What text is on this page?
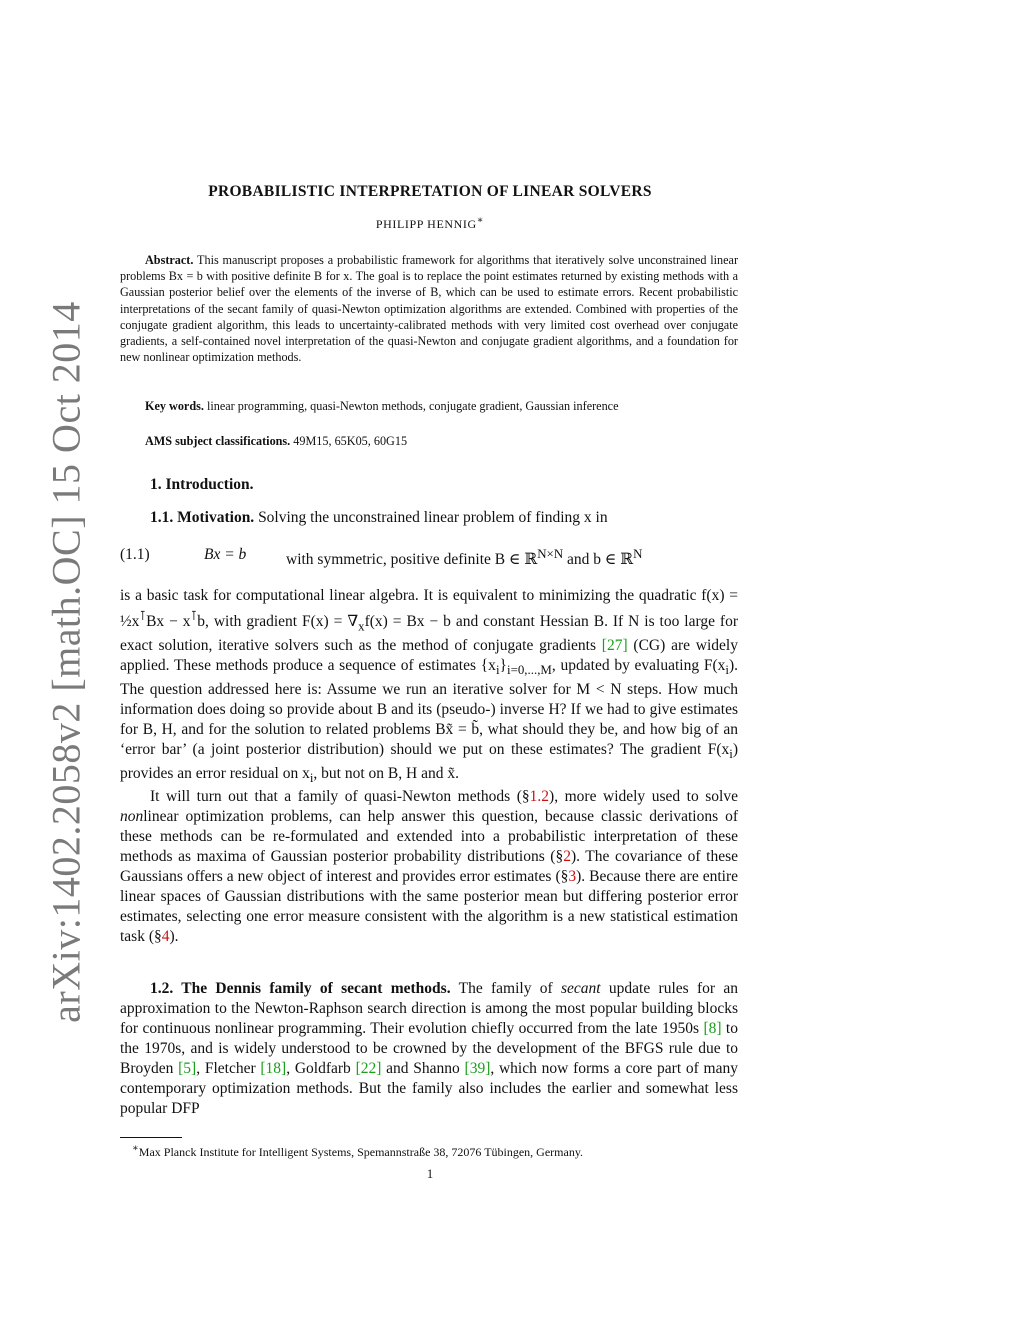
arXiv:1402.2058v2 [math.OC] 15 Oct 2014
PROBABILISTIC INTERPRETATION OF LINEAR SOLVERS
PHILIPP HENNIG∗
Abstract. This manuscript proposes a probabilistic framework for algorithms that iteratively solve unconstrained linear problems Bx = b with positive definite B for x. The goal is to replace the point estimates returned by existing methods with a Gaussian posterior belief over the elements of the inverse of B, which can be used to estimate errors. Recent probabilistic interpretations of the secant family of quasi-Newton optimization algorithms are extended. Combined with properties of the conjugate gradient algorithm, this leads to uncertainty-calibrated methods with very limited cost overhead over conjugate gradients, a self-contained novel interpretation of the quasi-Newton and conjugate gradient algorithms, and a foundation for new nonlinear optimization methods.
Key words. linear programming, quasi-Newton methods, conjugate gradient, Gaussian inference
AMS subject classifications. 49M15, 65K05, 60G15
1. Introduction.
1.1. Motivation. Solving the unconstrained linear problem of finding x in
(1.1)	Bx = b	with symmetric, positive definite B ∈ ℝ$^{N\times N}$ and b ∈ ℝ$^N$
is a basic task for computational linear algebra. It is equivalent to minimizing the quadratic f(x) = ½x⊺Bx − x⊺b, with gradient $F(x) = \nabla_xf(x) = Bx - b$ and constant Hessian B. If N is too large for exact solution, iterative solvers such as the method of conjugate gradients [27] (CG) are widely applied. These methods produce a sequence of estimates $\{x_i\}_{i=0,...,M}$, updated by evaluating $F(x_i)$. The question addressed here is: Assume we run an iterative solver for M < N steps. How much information does doing so provide about B and its (pseudo-) inverse H? If we had to give estimates for B, H, and for the solution to related problems Bx̃ = b̃, what should they be, and how big of an ‘error bar’ (a joint posterior distribution) should we put on these estimates? The gradient $F(x_i)$ provides an error residual on $x_i$, but not on B, H and x̃.
It will turn out that a family of quasi-Newton methods (§1.2), more widely used to solve nonlinear optimization problems, can help answer this question, because classic derivations of these methods can be re-formulated and extended into a probabilistic interpretation of these methods as maxima of Gaussian posterior probability distributions (§2). The covariance of these Gaussians offers a new object of interest and provides error estimates (§3). Because there are entire linear spaces of Gaussian distributions with the same posterior mean but differing posterior error estimates, selecting one error measure consistent with the algorithm is a new statistical estimation task (§4).
1.2. The Dennis family of secant methods. The family of secant update rules for an approximation to the Newton-Raphson search direction is among the most popular building blocks for continuous nonlinear programming. Their evolution chiefly occurred from the late 1950s [8] to the 1970s, and is widely understood to be crowned by the development of the BFGS rule due to Broyden [5], Fletcher [18], Goldfarb [22] and Shanno [39], which now forms a core part of many contemporary optimization methods. But the family also includes the earlier and somewhat less popular DFP
∗Max Planck Institute for Intelligent Systems, Spemannstraße 38, 72076 Tübingen, Germany.
1
